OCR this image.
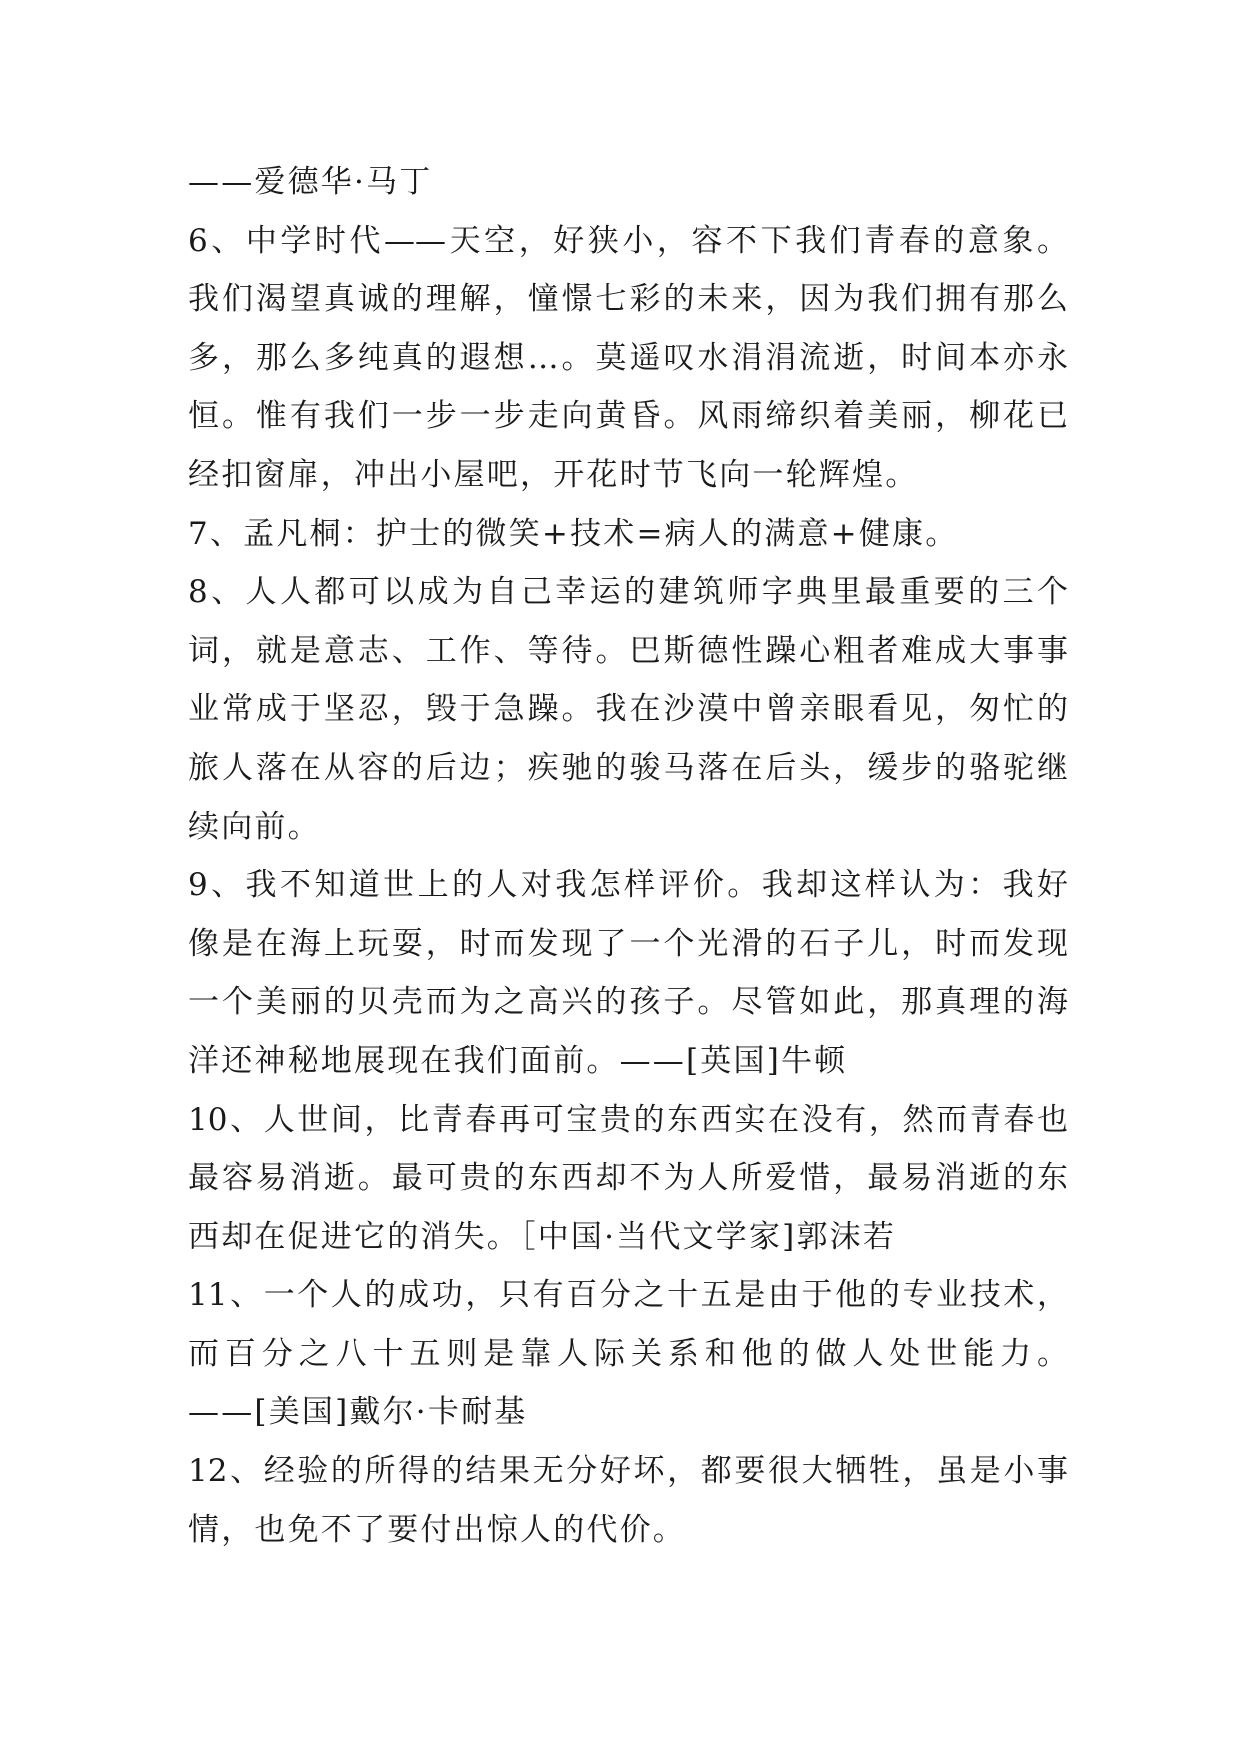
——爱德华·马丁
6、中学时代——天空，好狭小，容不下我们青春的意象。
我们渴望真诚的理解，憧憬七彩的未来，因为我们拥有那么
多，那么多纯真的遐想…。莫遥叹水涓涓流逝，时间本亦永
恒。惟有我们一步一步走向黄昏。风雨缔织着美丽，柳花已
经扣窗扉，冲出小屋吧，开花时节飞向一轮辉煌。
7、孟凡桐：护士的微笑+技术=病人的满意+健康。
8、人人都可以成为自己幸运的建筑师字典里最重要的三个
词，就是意志、工作、等待。巴斯德性躁心粗者难成大事事
业常成于坚忍，毁于急躁。我在沙漠中曾亲眼看见，匆忙的
旅人落在从容的后边；疾驰的骏马落在后头，缓步的骆驼继
续向前。
9、我不知道世上的人对我怎样评价。我却这样认为：我好
像是在海上玩耍，时而发现了一个光滑的石子儿，时而发现
一个美丽的贝壳而为之高兴的孩子。尽管如此，那真理的海
洋还神秘地展现在我们面前。——[英国]牛顿
10、人世间，比青春再可宝贵的东西实在没有，然而青春也
最容易消逝。最可贵的东西却不为人所爱惜，最易消逝的东
西却在促进它的消失。［中国·当代文学家]郭沫若
11、一个人的成功，只有百分之十五是由于他的专业技术，
而百分之八十五则是靠人际关系和他的做人处世能力。
——[美国]戴尔·卡耐基
12、经验的所得的结果无分好坏，都要很大牺牲，虽是小事
情，也免不了要付出惊人的代价。
